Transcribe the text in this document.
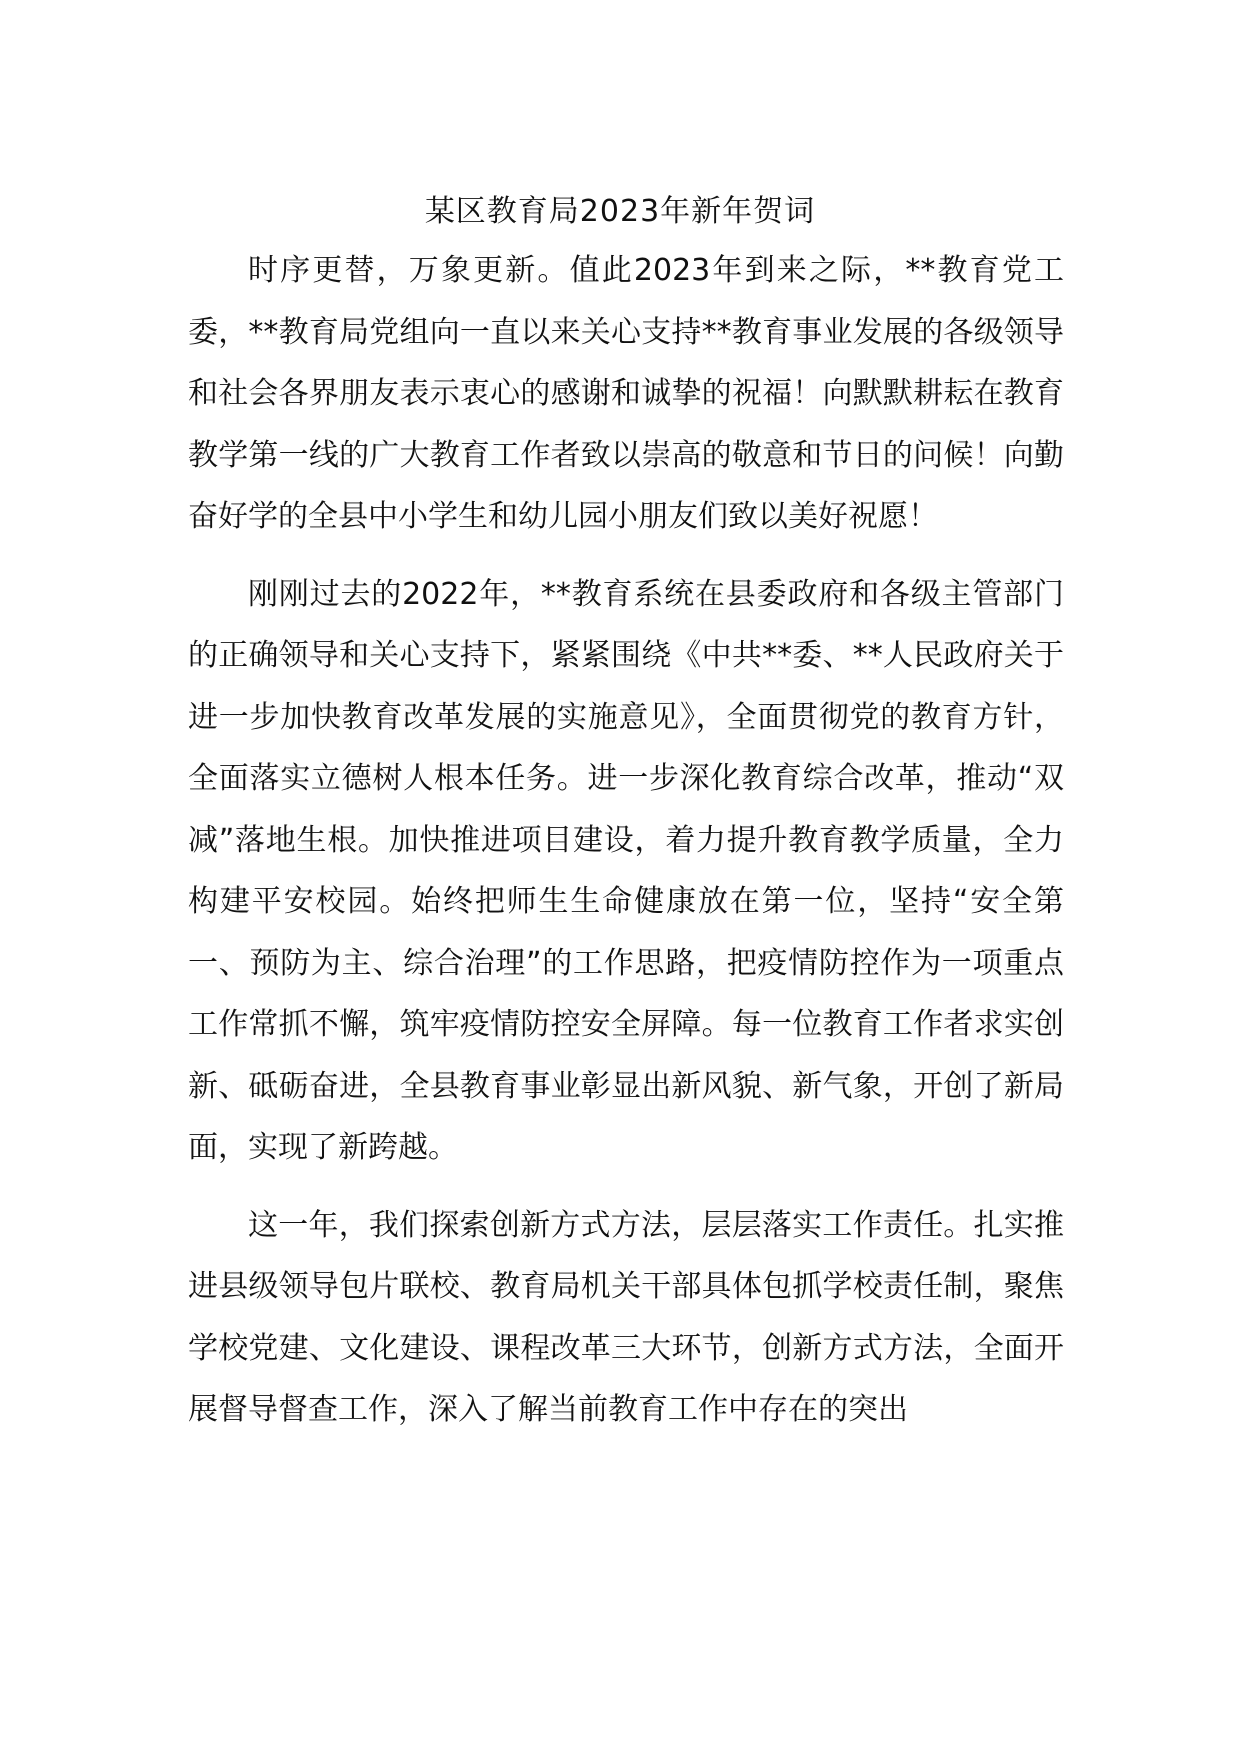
某区教育局2023年新年贺词

时序更替，万象更新。值此2023年到来之际，**教育党工委，**教育局党组向一直以来关心支持**教育事业发展的各级领导和社会各界朋友表示衷心的感谢和诚挚的祝福！向默默耕耘在教育教学第一线的广大教育工作者致以崇高的敬意和节日的问候！向勤奋好学的全县中小学生和幼儿园小朋友们致以美好祝愿！

刚刚过去的2022年，**教育系统在县委政府和各级主管部门的正确领导和关心支持下，紧紧围绕《中共**委、**人民政府关于进一步加快教育改革发展的实施意见》，全面贯彻党的教育方针，全面落实立德树人根本任务。进一步深化教育综合改革，推动“双减”落地生根。加快推进项目建设，着力提升教育教学质量，全力构建平安校园。始终把师生生命健康放在第一位，坚持“安全第一、预防为主、综合治理”的工作思路，把疫情防控作为一项重点工作常抓不懈，筑牢疫情防控安全屏障。每一位教育工作者求实创新、砥砺奋进，全县教育事业彰显出新风貌、新气象，开创了新局面，实现了新跨越。

这一年，我们探索创新方式方法，层层落实工作责任。扎实推进县级领导包片联校、教育局机关干部具体包抓学校责任制，聚焦学校党建、文化建设、课程改革三大环节，创新方式方法，全面开展督导督查工作，深入了解当前教育工作中存在的突出
